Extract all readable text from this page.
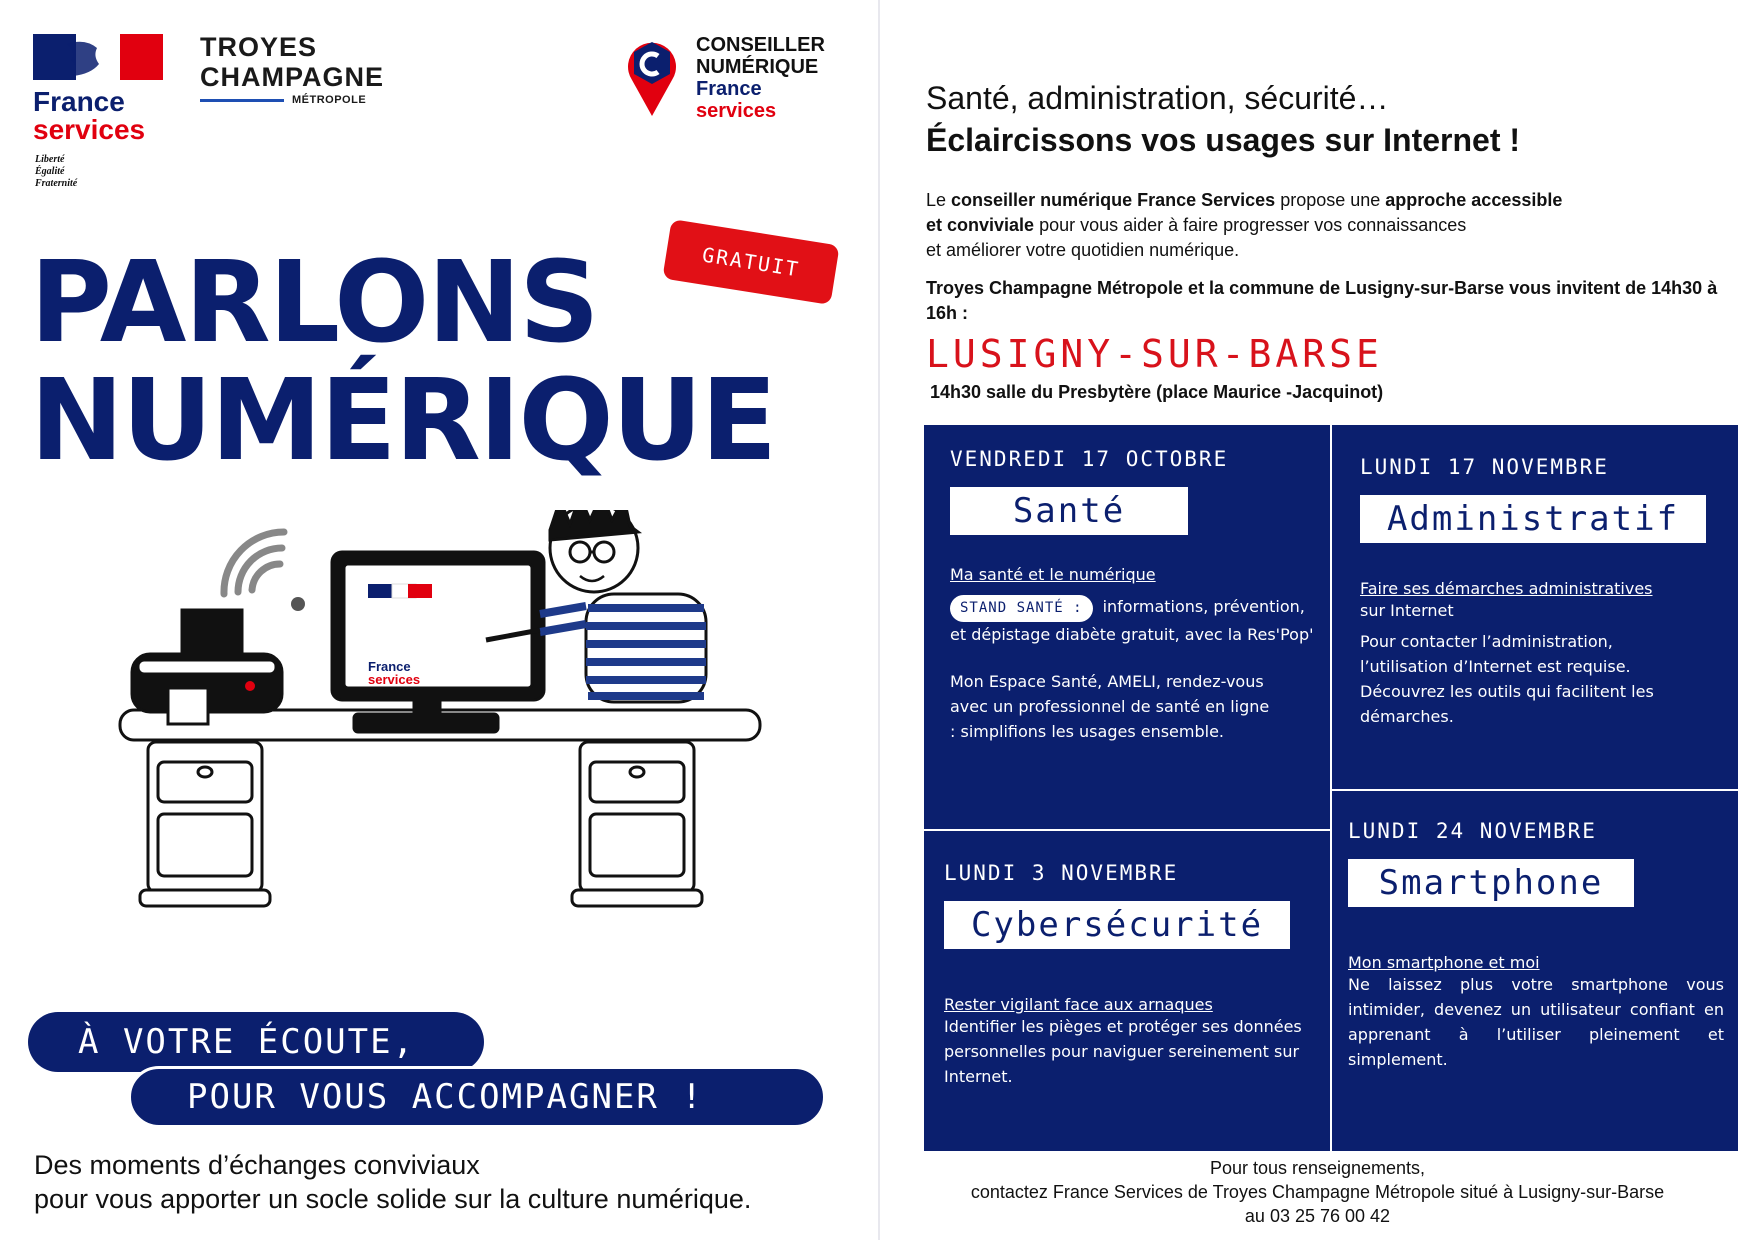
France
services
Liberté
Égalité
Fraternité
TROYES
CHAMPAGNE
MÉTROPOLE
CONSEILLER
NUMÉRIQUE
France
services
GRATUIT
PARLONS
NUMÉRIQUE
France
services
À VOTRE ÉCOUTE,
POUR VOUS ACCOMPAGNER !
Des moments d’échanges conviviaux
pour vous apporter un socle solide sur la culture numérique.
Santé, administration, sécurité…
Éclaircissons vos usages sur Internet !
Le conseiller numérique France Services propose une approche accessible
et conviviale pour vous aider à faire progresser vos connaissances
et améliorer votre quotidien numérique.
Troyes Champagne Métropole et la commune de Lusigny-sur-Barse vous invitent de 14h30 à 16h :
LUSIGNY-SUR-BARSE
14h30 salle du Presbytère (place Maurice -Jacquinot)
VENDREDI 17 OCTOBRE
Santé
Ma santé et le numérique
STAND SANTÉ : informations, prévention, et dépistage diabète gratuit, avec la Res'Pop'
Mon Espace Santé, AMELI, rendez-vous avec un professionnel de santé en ligne : simplifions les usages ensemble.
LUNDI 17 NOVEMBRE
Administratif
Faire ses démarches administratives
sur Internet
Pour contacter l’administration, l’utilisation d’Internet est requise. Découvrez les outils qui facilitent les démarches.
LUNDI 3 NOVEMBRE
Cybersécurité
Rester vigilant face aux arnaques
Identifier les pièges et protéger ses données personnelles pour naviguer sereinement sur Internet.
LUNDI 24 NOVEMBRE
Smartphone
Mon smartphone et moi
Ne laissez plus votre smartphone vous intimider, devenez un utilisateur confiant en apprenant à l’utiliser pleinement et simplement.
Pour tous renseignements,
contactez France Services de Troyes Champagne Métropole situé à Lusigny-sur-Barse
au 03 25 76 00 42
